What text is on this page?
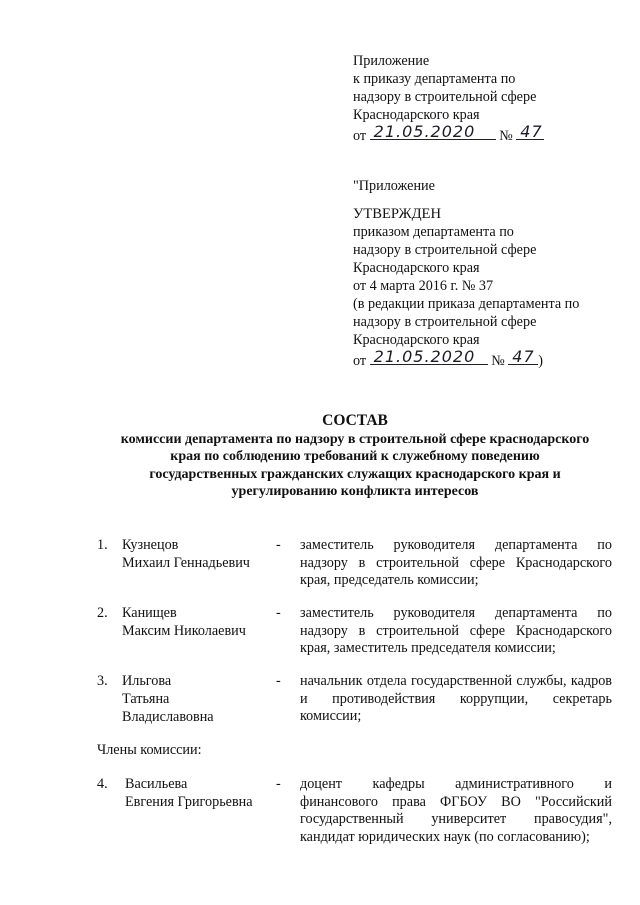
Приложение
к приказу департамента по
надзору в строительной сфере
Краснодарского края
от 21.05.2020 № 47
"Приложение
УТВЕРЖДЕН
приказом департамента по
надзору в строительной сфере
Краснодарского края
от 4 марта 2016 г. № 37
(в редакции приказа департамента по
надзору в строительной сфере
Краснодарского края
от 21.05.2020 № 47 )
СОСТАВ
комиссии департамента по надзору в строительной сфере краснодарского
края по соблюдению требований к служебному поведению
государственных гражданских служащих краснодарского края и
урегулированию конфликта интересов
1. Кузнецов
Михаил Геннадьевич
- заместитель руководителя департамента по надзору в строительной сфере Краснодарского края, председатель комиссии;
2. Канищев
Максим Николаевич
- заместитель руководителя департамента по надзору в строительной сфере Краснодарского края, заместитель председателя комиссии;
3. Ильгова
Татьяна
Владиславовна
- начальник отдела государственной службы, кадров и противодействия коррупции, секретарь комиссии;
Члены комиссии:
4. Васильева
Евгения Григорьевна
- доцент кафедры административного и финансового права ФГБОУ ВО "Российский государственный университет правосудия", кандидат юридических наук (по согласованию);
